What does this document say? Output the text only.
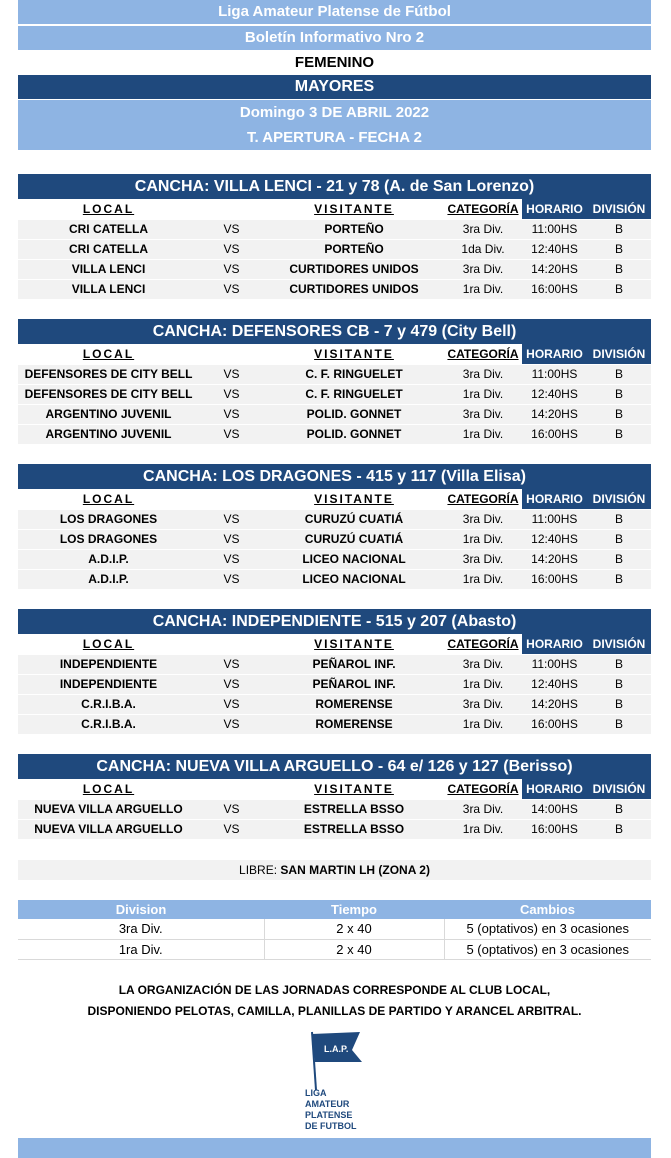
Liga Amateur Platense de Fútbol
Boletín Informativo Nro 2
FEMENINO
MAYORES
Domingo 3 DE ABRIL 2022
T. APERTURA - FECHA 2
CANCHA: VILLA LENCI - 21 y 78 (A. de San Lorenzo)
LOCAL		VISITANTE	CATEGORÍA	HORARIO	DIVISIÓN
CRI CATELLA	VS	PORTEÑO	3ra Div.	11:00HS	B
CRI CATELLA	VS	PORTEÑO	1da Div.	12:40HS	B
VILLA LENCI	VS	CURTIDORES UNIDOS	3ra Div.	14:20HS	B
VILLA LENCI	VS	CURTIDORES UNIDOS	1ra Div.	16:00HS	B
CANCHA: DEFENSORES CB - 7 y 479 (City Bell)
LOCAL		VISITANTE	CATEGORÍA	HORARIO	DIVISIÓN
DEFENSORES DE CITY BELL	VS	C. F. RINGUELET	3ra Div.	11:00HS	B
DEFENSORES DE CITY BELL	VS	C. F. RINGUELET	1ra Div.	12:40HS	B
ARGENTINO JUVENIL	VS	POLID. GONNET	3ra Div.	14:20HS	B
ARGENTINO JUVENIL	VS	POLID. GONNET	1ra Div.	16:00HS	B
CANCHA: LOS DRAGONES - 415 y 117 (Villa Elisa)
LOCAL		VISITANTE	CATEGORÍA	HORARIO	DIVISIÓN
LOS DRAGONES	VS	CURUZÚ CUATIÁ	3ra Div.	11:00HS	B
LOS DRAGONES	VS	CURUZÚ CUATIÁ	1ra Div.	12:40HS	B
A.D.I.P.	VS	LICEO NACIONAL	3ra Div.	14:20HS	B
A.D.I.P.	VS	LICEO NACIONAL	1ra Div.	16:00HS	B
CANCHA: INDEPENDIENTE - 515 y 207 (Abasto)
LOCAL		VISITANTE	CATEGORÍA	HORARIO	DIVISIÓN
INDEPENDIENTE	VS	PEÑAROL INF.	3ra Div.	11:00HS	B
INDEPENDIENTE	VS	PEÑAROL INF.	1ra Div.	12:40HS	B
C.R.I.B.A.	VS	ROMERENSE	3ra Div.	14:20HS	B
C.R.I.B.A.	VS	ROMERENSE	1ra Div.	16:00HS	B
CANCHA: NUEVA VILLA ARGUELLO - 64 e/ 126 y 127 (Berisso)
LOCAL		VISITANTE	CATEGORÍA	HORARIO	DIVISIÓN
NUEVA VILLA ARGUELLO	VS	ESTRELLA BSSO	3ra Div.	14:00HS	B
NUEVA VILLA ARGUELLO	VS	ESTRELLA BSSO	1ra Div.	16:00HS	B
LIBRE: SAN MARTIN LH (ZONA 2)
Division	Tiempo	Cambios
3ra Div.	2 x 40	5 (optativos) en 3 ocasiones
1ra Div.	2 x 40	5 (optativos) en 3 ocasiones
LA ORGANIZACIÓN DE LAS JORNADAS CORRESPONDE AL CLUB LOCAL,
DISPONIENDO PELOTAS, CAMILLA, PLANILLAS DE PARTIDO Y ARANCEL ARBITRAL.
L.A.P.
LIGA
AMATEUR
PLATENSE
DE FUTBOL
